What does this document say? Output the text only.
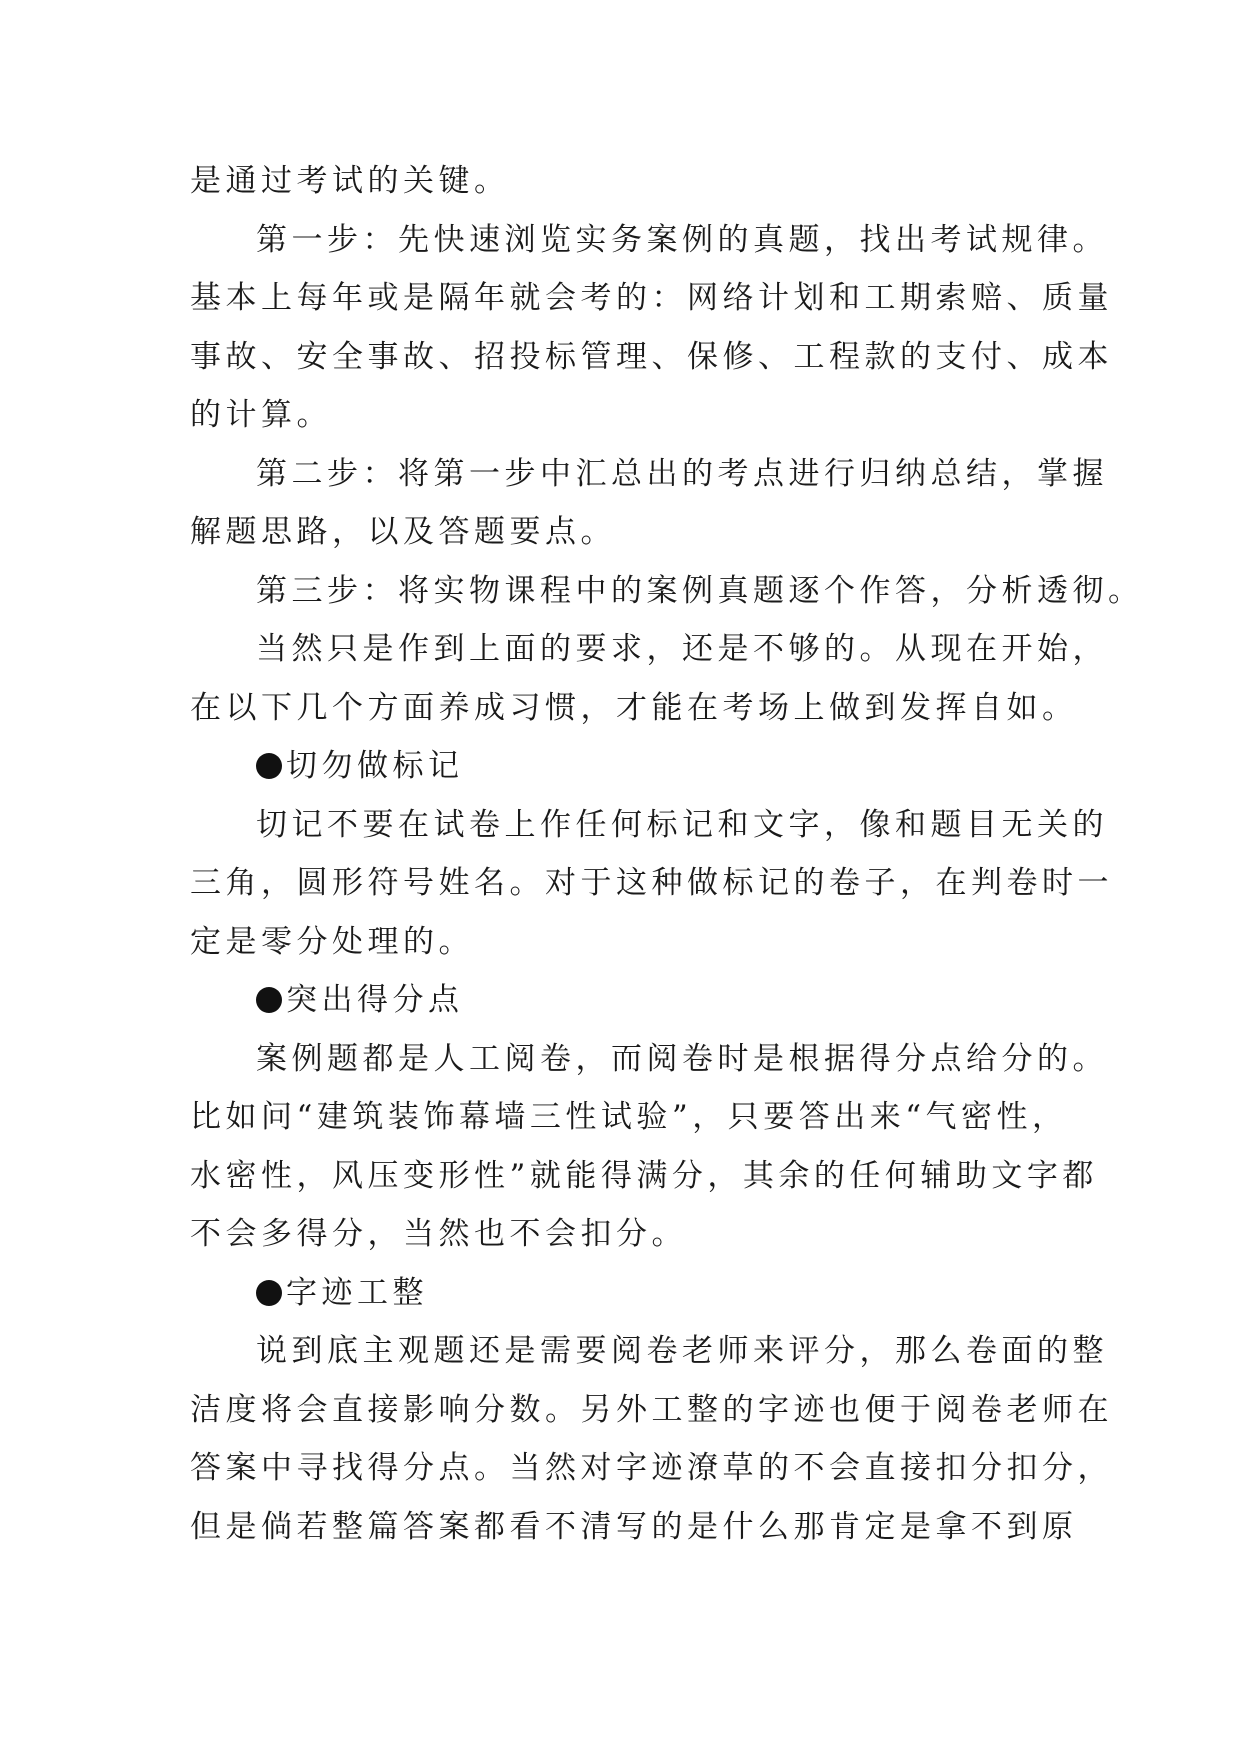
是通过考试的关键。
第一步：先快速浏览实务案例的真题，找出考试规律。
基本上每年或是隔年就会考的：网络计划和工期索赔、质量
事故、安全事故、招投标管理、保修、工程款的支付、成本
的计算。
第二步：将第一步中汇总出的考点进行归纳总结，掌握
解题思路，以及答题要点。
第三步：将实物课程中的案例真题逐个作答，分析透彻。
当然只是作到上面的要求，还是不够的。从现在开始，
在以下几个方面养成习惯，才能在考场上做到发挥自如。
切勿做标记
切记不要在试卷上作任何标记和文字，像和题目无关的
三角，圆形符号姓名。对于这种做标记的卷子，在判卷时一
定是零分处理的。
突出得分点
案例题都是人工阅卷，而阅卷时是根据得分点给分的。
比如问“建筑装饰幕墙三性试验”，只要答出来“气密性，
水密性，风压变形性”就能得满分，其余的任何辅助文字都
不会多得分，当然也不会扣分。
字迹工整
说到底主观题还是需要阅卷老师来评分，那么卷面的整
洁度将会直接影响分数。另外工整的字迹也便于阅卷老师在
答案中寻找得分点。当然对字迹潦草的不会直接扣分扣分，
但是倘若整篇答案都看不清写的是什么那肯定是拿不到原
